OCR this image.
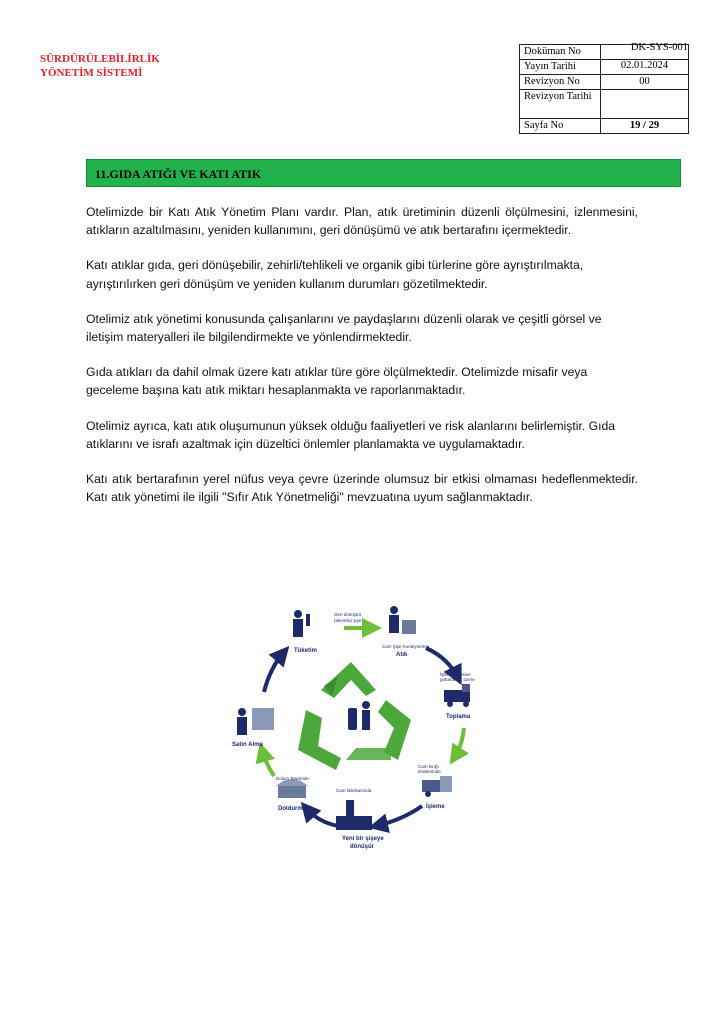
SÜRDÜRÜLEBİLİRLİK
YÖNETİM SİSTEMİ
Doküman No	DK-SYS-001

Yayın Tarihi	02.01.2024
Revizyon No	00
Revizyon Tarihi	
Sayfa No	19 / 29
11.GIDA ATIĞI VE KATI ATIK

Otelimizde bir Katı Atık Yönetim Planı vardır. Plan, atık üretiminin düzenli ölçülmesini, izlenmesini, atıkların azaltılmasını, yeniden kullanımını, geri dönüşümü ve atık bertarafını içermektedir.

Katı atıklar gıda, geri dönüşebilir, zehirli/tehlikeli ve organik gibi türlerine göre ayrıştırılmakta, ayrıştırılırken geri dönüşüm ve yeniden kullanım durumları gözetilmektedir.

Otelimiz atık yönetimi konusunda çalışanlarını ve paydaşlarını düzenli olarak ve çeşitli görsel ve iletişim materyalleri ile bilgilendirmekte ve yönlendirmektedir.

Gıda atıkları da dahil olmak üzere katı atıklar türe göre ölçülmektedir. Otelimizde misafir veya geceleme başına katı atık miktarı hesaplanmakta ve raporlanmaktadır.

Otelimiz ayrıca, katı atık oluşumunun yüksek olduğu faaliyetleri ve risk alanlarını belirlemiştir. Gıda atıklarını ve israfı azaltmak için düzeltici önlemler planlamakta ve uygulamaktadır.

Katı atık bertarafının yerel nüfus veya çevre üzerinde olumsuz bir etkisi olmaması hedeflenmektedir. Katı atık yönetimi ile ilgili "Sıfır Atık Yönetmeliği" mevzuatına uyum sağlanmaktadır.

Geri dönüştür
(tekrarla) şişe
Tüketim
Cam Şişe Konteynerine
Atık
İşleme Tesisine
götürülmek üzere
Toplama
Cam kırığı
tesislerinde
İşleme
Cam fabrikasında
Yeni bir şişeye
dönüşür
Dolum Tesisinde
Doldurma
Satın Alma
